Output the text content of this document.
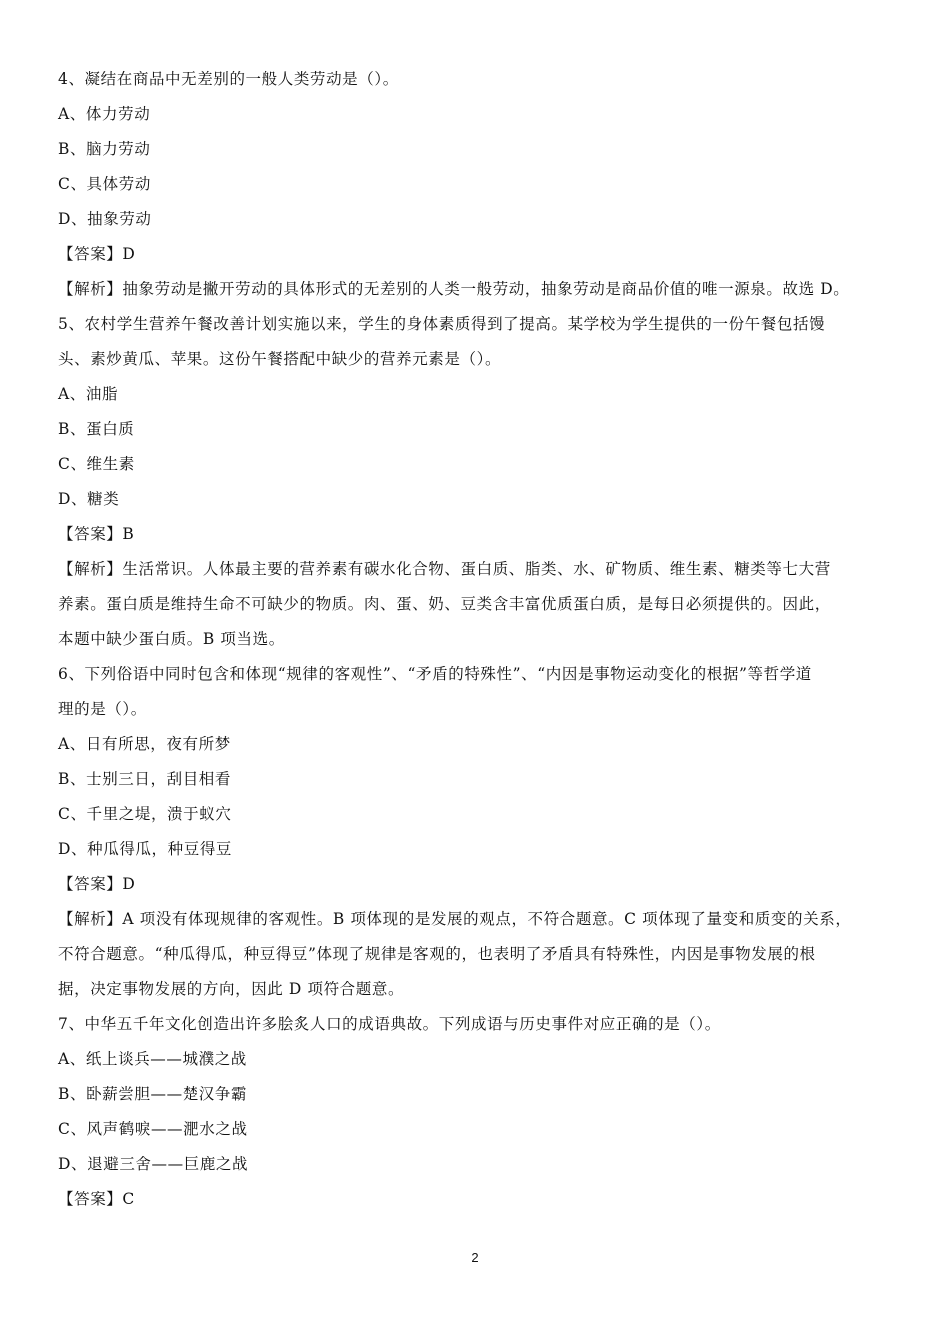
4、凝结在商品中无差别的一般人类劳动是（）。
A、体力劳动
B、脑力劳动
C、具体劳动
D、抽象劳动
【答案】D
【解析】抽象劳动是撇开劳动的具体形式的无差别的人类一般劳动，抽象劳动是商品价值的唯一源泉。故选 D。
5、农村学生营养午餐改善计划实施以来，学生的身体素质得到了提高。某学校为学生提供的一份午餐包括馒
头、素炒黄瓜、苹果。这份午餐搭配中缺少的营养元素是（）。
A、油脂
B、蛋白质
C、维生素
D、糖类
【答案】B
【解析】生活常识。人体最主要的营养素有碳水化合物、蛋白质、脂类、水、矿物质、维生素、糖类等七大营
养素。蛋白质是维持生命不可缺少的物质。肉、蛋、奶、豆类含丰富优质蛋白质，是每日必须提供的。因此，
本题中缺少蛋白质。B 项当选。
6、下列俗语中同时包含和体现“规律的客观性”、“矛盾的特殊性”、“内因是事物运动变化的根据”等哲学道
理的是（）。
A、日有所思，夜有所梦
B、士别三日，刮目相看
C、千里之堤，溃于蚁穴
D、种瓜得瓜，种豆得豆
【答案】D
【解析】A 项没有体现规律的客观性。B 项体现的是发展的观点，不符合题意。C 项体现了量变和质变的关系，
不符合题意。“种瓜得瓜，种豆得豆”体现了规律是客观的，也表明了矛盾具有特殊性，内因是事物发展的根
据，决定事物发展的方向，因此 D 项符合题意。
7、中华五千年文化创造出许多脍炙人口的成语典故。下列成语与历史事件对应正确的是（）。
A、纸上谈兵——城濮之战
B、卧薪尝胆——楚汉争霸
C、风声鹤唳——淝水之战
D、退避三舍——巨鹿之战
【答案】C
2
